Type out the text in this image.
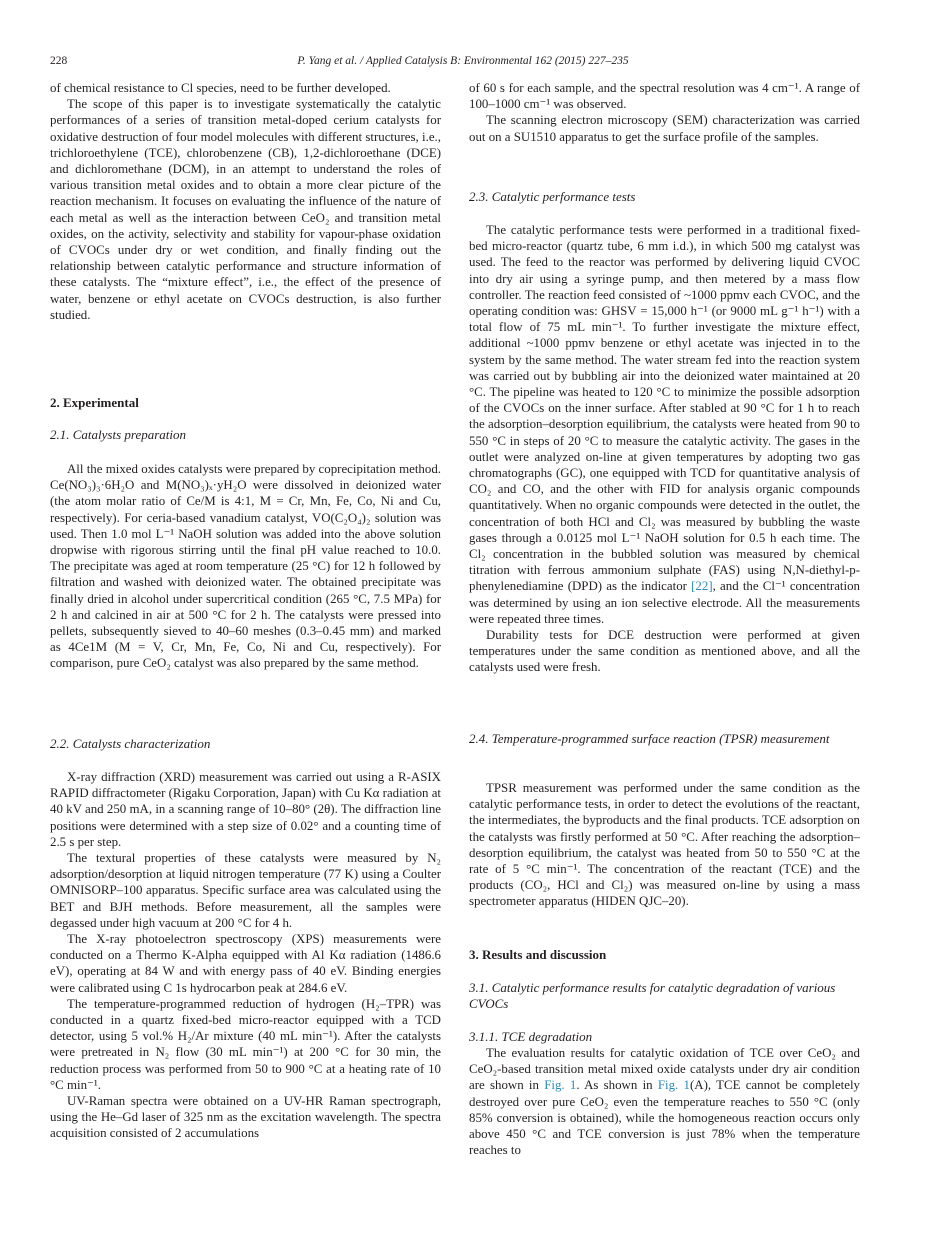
228	P. Yang et al. / Applied Catalysis B: Environmental 162 (2015) 227–235

of chemical resistance to Cl species, need to be further developed.

The scope of this paper is to investigate systematically the catalytic performances of a series of transition metal-doped cerium catalysts for oxidative destruction of four model molecules with different structures, i.e., trichloroethylene (TCE), chlorobenzene (CB), 1,2-dichloroethane (DCE) and dichloromethane (DCM), in an attempt to understand the roles of various transition metal oxides and to obtain a more clear picture of the reaction mechanism. It focuses on evaluating the influence of the nature of each metal as well as the interaction between CeO₂ and transition metal oxides, on the activity, selectivity and stability for vapour-phase oxidation of CVOCs under dry or wet condition, and finally finding out the relationship between catalytic performance and structure information of these catalysts. The “mixture effect”, i.e., the effect of the presence of water, benzene or ethyl acetate on CVOCs destruction, is also further studied.

2. Experimental
2.1. Catalysts preparation

All the mixed oxides catalysts were prepared by coprecipitation method. Ce(NO₃)₃·6H₂O and M(NO₃)ₓ·yH₂O were dissolved in deionized water (the atom molar ratio of Ce/M is 4:1, M = Cr, Mn, Fe, Co, Ni and Cu, respectively). For ceria-based vanadium catalyst, VO(C₂O₄)₂ solution was used. Then 1.0 mol L⁻¹ NaOH solution was added into the above solution dropwise with rigorous stirring until the final pH value reached to 10.0. The precipitate was aged at room temperature (25 °C) for 12 h followed by filtration and washed with deionized water. The obtained precipitate was finally dried in alcohol under supercritical condition (265 °C, 7.5 MPa) for 2 h and calcined in air at 500 °C for 2 h. The catalysts were pressed into pellets, subsequently sieved to 40–60 meshes (0.3–0.45 mm) and marked as 4Ce1M (M = V, Cr, Mn, Fe, Co, Ni and Cu, respectively). For comparison, pure CeO₂ catalyst was also prepared by the same method.

2.2. Catalysts characterization

X-ray diffraction (XRD) measurement was carried out using a R-ASIX RAPID diffractometer (Rigaku Corporation, Japan) with Cu Kα radiation at 40 kV and 250 mA, in a scanning range of 10–80° (2θ). The diffraction line positions were determined with a step size of 0.02° and a counting time of 2.5 s per step.

The textural properties of these catalysts were measured by N₂ adsorption/desorption at liquid nitrogen temperature (77 K) using a Coulter OMNISORP–100 apparatus. Specific surface area was calculated using the BET and BJH methods. Before measurement, all the samples were degassed under high vacuum at 200 °C for 4 h.

The X-ray photoelectron spectroscopy (XPS) measurements were conducted on a Thermo K-Alpha equipped with Al Kα radiation (1486.6 eV), operating at 84 W and with energy pass of 40 eV. Binding energies were calibrated using C 1s hydrocarbon peak at 284.6 eV.

The temperature-programmed reduction of hydrogen (H₂–TPR) was conducted in a quartz fixed-bed micro-reactor equipped with a TCD detector, using 5 vol.% H₂/Ar mixture (40 mL min⁻¹). After the catalysts were pretreated in N₂ flow (30 mL min⁻¹) at 200 °C for 30 min, the reduction process was performed from 50 to 900 °C at a heating rate of 10 °C min⁻¹.

UV-Raman spectra were obtained on a UV-HR Raman spectrograph, using the He–Gd laser of 325 nm as the excitation wavelength. The spectra acquisition consisted of 2 accumulations

of 60 s for each sample, and the spectral resolution was 4 cm⁻¹. A range of 100–1000 cm⁻¹ was observed.

The scanning electron microscopy (SEM) characterization was carried out on a SU1510 apparatus to get the surface profile of the samples.

2.3. Catalytic performance tests

The catalytic performance tests were performed in a traditional fixed-bed micro-reactor (quartz tube, 6 mm i.d.), in which 500 mg catalyst was used. The feed to the reactor was performed by delivering liquid CVOC into dry air using a syringe pump, and then metered by a mass flow controller. The reaction feed consisted of ~1000 ppmv each CVOC, and the operating condition was: GHSV = 15,000 h⁻¹ (or 9000 mL g⁻¹ h⁻¹) with a total flow of 75 mL min⁻¹. To further investigate the mixture effect, additional ~1000 ppmv benzene or ethyl acetate was injected in to the system by the same method. The water stream fed into the reaction system was carried out by bubbling air into the deionized water maintained at 20 °C. The pipeline was heated to 120 °C to minimize the possible adsorption of the CVOCs on the inner surface. After stabled at 90 °C for 1 h to reach the adsorption–desorption equilibrium, the catalysts were heated from 90 to 550 °C in steps of 20 °C to measure the catalytic activity. The gases in the outlet were analyzed on-line at given temperatures by adopting two gas chromatographs (GC), one equipped with TCD for quantitative analysis of CO₂ and CO, and the other with FID for analysis organic compounds quantitatively. When no organic compounds were detected in the outlet, the concentration of both HCl and Cl₂ was measured by bubbling the waste gases through a 0.0125 mol L⁻¹ NaOH solution for 0.5 h each time. The Cl₂ concentration in the bubbled solution was measured by chemical titration with ferrous ammonium sulphate (FAS) using N,N-diethyl-p-phenylenediamine (DPD) as the indicator [22], and the Cl⁻¹ concentration was determined by using an ion selective electrode. All the measurements were repeated three times.

Durability tests for DCE destruction were performed at given temperatures under the same condition as mentioned above, and all the catalysts used were fresh.

2.4. Temperature-programmed surface reaction (TPSR) measurement

TPSR measurement was performed under the same condition as the catalytic performance tests, in order to detect the evolutions of the reactant, the intermediates, the byproducts and the final products. TCE adsorption on the catalysts was firstly performed at 50 °C. After reaching the adsorption–desorption equilibrium, the catalyst was heated from 50 to 550 °C at the rate of 5 °C min⁻¹. The concentration of the reactant (TCE) and the products (CO₂, HCl and Cl₂) was measured on-line by using a mass spectrometer apparatus (HIDEN QJC–20).

3. Results and discussion
3.1. Catalytic performance results for catalytic degradation of various CVOCs
3.1.1. TCE degradation

The evaluation results for catalytic oxidation of TCE over CeO₂ and CeO₂-based transition metal mixed oxide catalysts under dry air condition are shown in Fig. 1. As shown in Fig. 1(A), TCE cannot be completely destroyed over pure CeO₂ even the temperature reaches to 550 °C (only 85% conversion is obtained), while the homogeneous reaction occurs only above 450 °C and TCE conversion is just 78% when the temperature reaches to
